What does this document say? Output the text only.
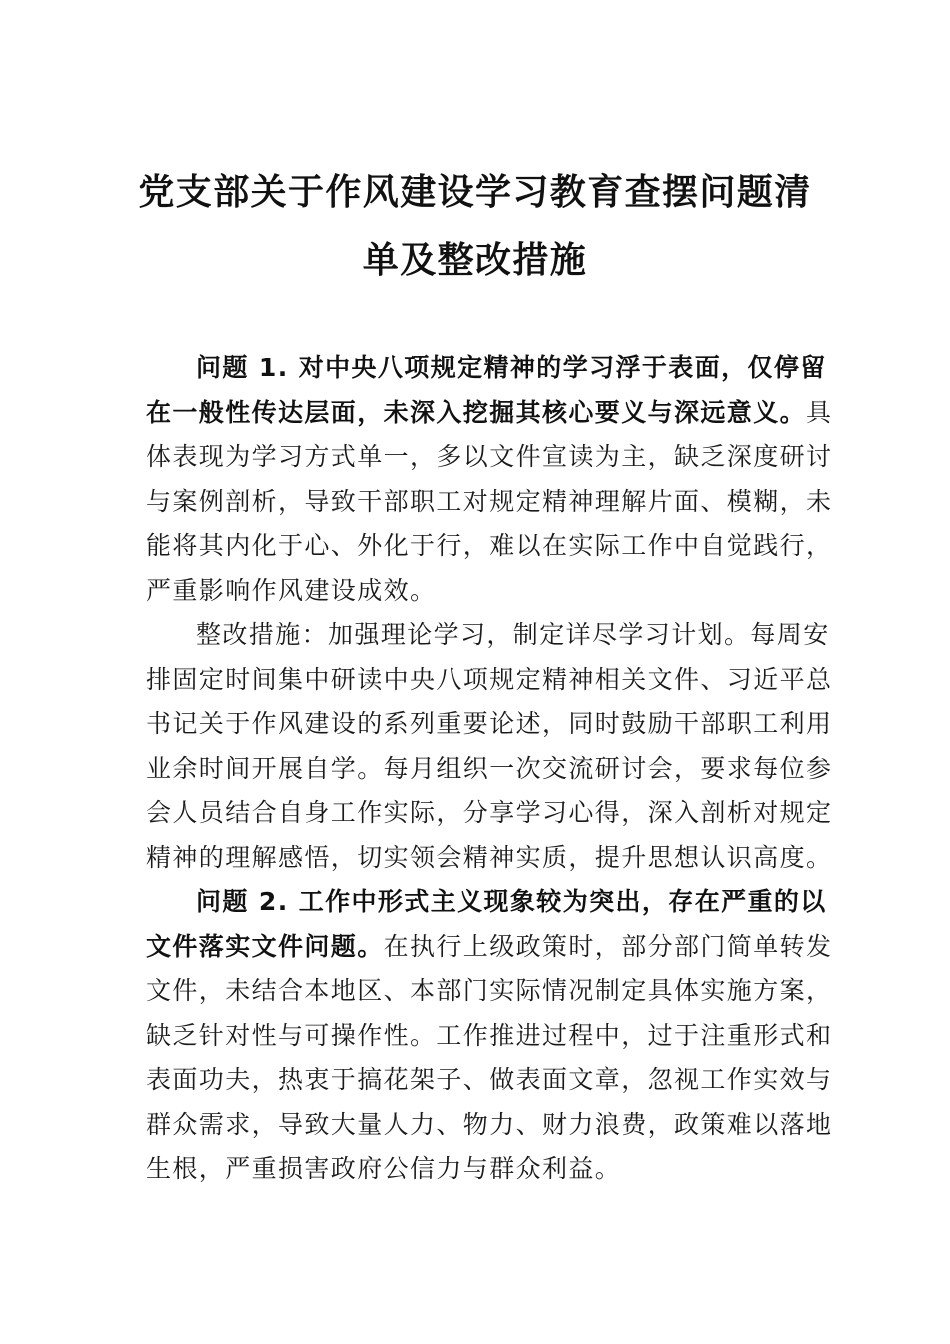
党支部关于作风建设学习教育查摆问题清
单及整改措施
问题 1. 对中央八项规定精神的学习浮于表面，仅停留
在一般性传达层面，未深入挖掘其核心要义与深远意义。具
体表现为学习方式单一，多以文件宣读为主，缺乏深度研讨
与案例剖析，导致干部职工对规定精神理解片面、模糊，未
能将其内化于心、外化于行，难以在实际工作中自觉践行，
严重影响作风建设成效。
整改措施：加强理论学习，制定详尽学习计划。每周安
排固定时间集中研读中央八项规定精神相关文件、习近平总
书记关于作风建设的系列重要论述，同时鼓励干部职工利用
业余时间开展自学。每月组织一次交流研讨会，要求每位参
会人员结合自身工作实际，分享学习心得，深入剖析对规定
精神的理解感悟，切实领会精神实质，提升思想认识高度。
问题 2. 工作中形式主义现象较为突出，存在严重的以
文件落实文件问题。在执行上级政策时，部分部门简单转发
文件，未结合本地区、本部门实际情况制定具体实施方案，
缺乏针对性与可操作性。工作推进过程中，过于注重形式和
表面功夫，热衷于搞花架子、做表面文章，忽视工作实效与
群众需求，导致大量人力、物力、财力浪费，政策难以落地
生根，严重损害政府公信力与群众利益。
